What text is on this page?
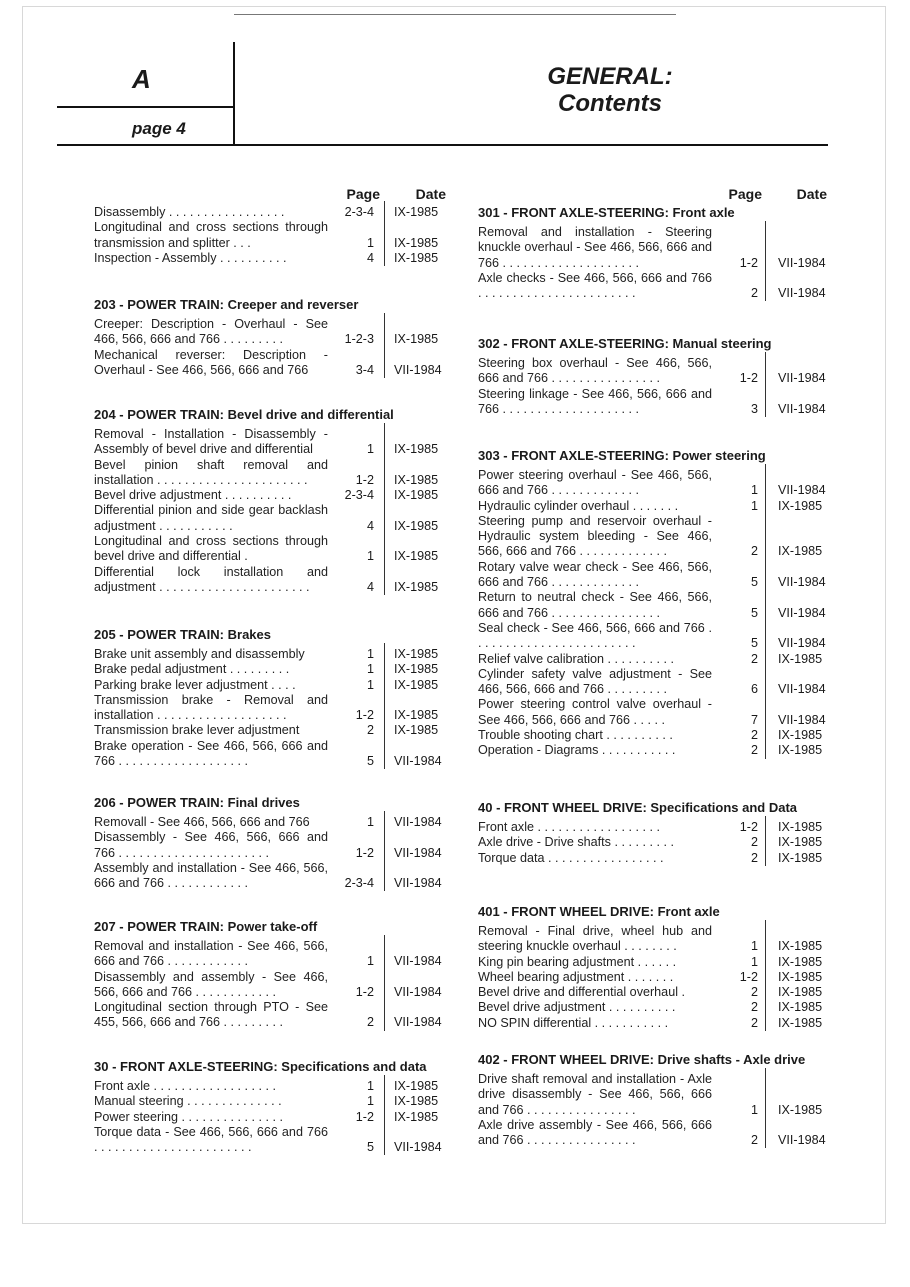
A
page 4
GENERAL:
Contents
Page	Date
Disassembly . . . . . . . . . . . . . . . . .	2-3-4 IX-1985
Longitudinal and cross sections through transmission and splitter . . .	1 IX-1985
Inspection - Assembly . . . . . . . . . .	4 IX-1985
203 - POWER TRAIN: Creeper and reverser
Creeper: Description - Overhaul - See 466, 566, 666 and 766 . . . . . . . . .	1-2-3 IX-1985
Mechanical reverser: Description - Overhaul - See 466, 566, 666 and 766	3-4 VII-1984
204 - POWER TRAIN: Bevel drive and differential
Removal - Installation - Disassembly - Assembly of bevel drive and differential	1 IX-1985
Bevel pinion shaft removal and installation . . . . . . . . . . . . . . . . . . . . . .	1-2 IX-1985
Bevel drive adjustment . . . . . . . . . .	2-3-4 IX-1985
Differential pinion and side gear backlash adjustment . . . . . . . . . . .	4 IX-1985
Longitudinal and cross sections through bevel drive and differential .	1 IX-1985
Differential lock installation and adjustment . . . . . . . . . . . . . . . . . . . . . .	4 IX-1985
205 - POWER TRAIN: Brakes
Brake unit assembly and disassembly	1 IX-1985
Brake pedal adjustment . . . . . . . . .	1 IX-1985
Parking brake lever adjustment . . . .	1 IX-1985
Transmission brake - Removal and installation . . . . . . . . . . . . . . . . . . .	1-2 IX-1985
Transmission brake lever adjustment	2 IX-1985
Brake operation - See 466, 566, 666 and 766 . . . . . . . . . . . . . . . . . . .	5 VII-1984
206 - POWER TRAIN: Final drives
Removall - See 466, 566, 666 and 766	1 VII-1984
Disassembly - See 466, 566, 666 and 766 . . . . . . . . . . . . . . . . . . . . . .	1-2 VII-1984
Assembly and installation - See 466, 566, 666 and 766 . . . . . . . . . . . .	2-3-4 VII-1984
207 - POWER TRAIN: Power take-off
Removal and installation - See 466, 566, 666 and 766 . . . . . . . . . . . .	1 VII-1984
Disassembly and assembly - See 466, 566, 666 and 766 . . . . . . . . . . . .	1-2 VII-1984
Longitudinal section through PTO - See 455, 566, 666 and 766 . . . . . . . . .	2 VII-1984
30 - FRONT AXLE-STEERING: Specifications and data
Front axle . . . . . . . . . . . . . . . . . .	1 IX-1985
Manual steering . . . . . . . . . . . . . .	1 IX-1985
Power steering . . . . . . . . . . . . . . .	1-2 IX-1985
Torque data - See 466, 566, 666 and 766 . . . . . . . . . . . . . . . . . . . . . . .	5 VII-1984
Page Date
301 - FRONT AXLE-STEERING: Front axle
Removal and installation - Steering knuckle overhaul - See 466, 566, 666 and 766 . . . . . . . . . . . . . . . . . . . .	1-2 VII-1984
Axle checks - See 466, 566, 666 and 766 . . . . . . . . . . . . . . . . . . . . . . .	2 VII-1984
302 - FRONT AXLE-STEERING: Manual steering
Steering box overhaul - See 466, 566, 666 and 766 . . . . . . . . . . . . . . . .	1-2 VII-1984
Steering linkage - See 466, 566, 666 and 766 . . . . . . . . . . . . . . . . . . . .	3 VII-1984
303 - FRONT AXLE-STEERING: Power steering
Power steering overhaul - See 466, 566, 666 and 766 . . . . . . . . . . . . .	1 VII-1984
Hydraulic cylinder overhaul . . . . . . .	1 IX-1985
Steering pump and reservoir overhaul - Hydraulic system bleeding - See 466, 566, 666 and 766 . . . . . . . . . . . . .	2 IX-1985
Rotary valve wear check - See 466, 566, 666 and 766 . . . . . . . . . . . . .	5 VII-1984
Return to neutral check - See 466, 566, 666 and 766 . . . . . . . . . . . . . . . .	5 VII-1984
Seal check - See 466, 566, 666 and 766 . . . . . . . . . . . . . . . . . . . . . . . .	5 VII-1984
Relief valve calibration . . . . . . . . . .	2 IX-1985
Cylinder safety valve adjustment - See 466, 566, 666 and 766 . . . . . . . . .	6 VII-1984
Power steering control valve overhaul - See 466, 566, 666 and 766 . . . . .	7 VII-1984
Trouble shooting chart . . . . . . . . . .	2 IX-1985
Operation - Diagrams . . . . . . . . . . .	2 IX-1985
40 - FRONT WHEEL DRIVE: Specifications and Data
Front axle . . . . . . . . . . . . . . . . . .	1-2 IX-1985
Axle drive - Drive shafts . . . . . . . . .	2 IX-1985
Torque data . . . . . . . . . . . . . . . . .	2 IX-1985
401 - FRONT WHEEL DRIVE: Front axle
Removal - Final drive, wheel hub and steering knuckle overhaul . . . . . . . .	1 IX-1985
King pin bearing adjustment . . . . . .	1 IX-1985
Wheel bearing adjustment . . . . . . .	1-2 IX-1985
Bevel drive and differential overhaul .	2 IX-1985
Bevel drive adjustment . . . . . . . . . .	2 IX-1985
NO SPIN differential . . . . . . . . . . .	2 IX-1985
402 - FRONT WHEEL DRIVE: Drive shafts - Axle drive
Drive shaft removal and installation - Axle drive disassembly - See 466, 566, 666 and 766 . . . . . . . . . . . . . . . .	1 IX-1985
Axle drive assembly - See 466, 566, 666 and 766 . . . . . . . . . . . . . . . .	2 VII-1984
